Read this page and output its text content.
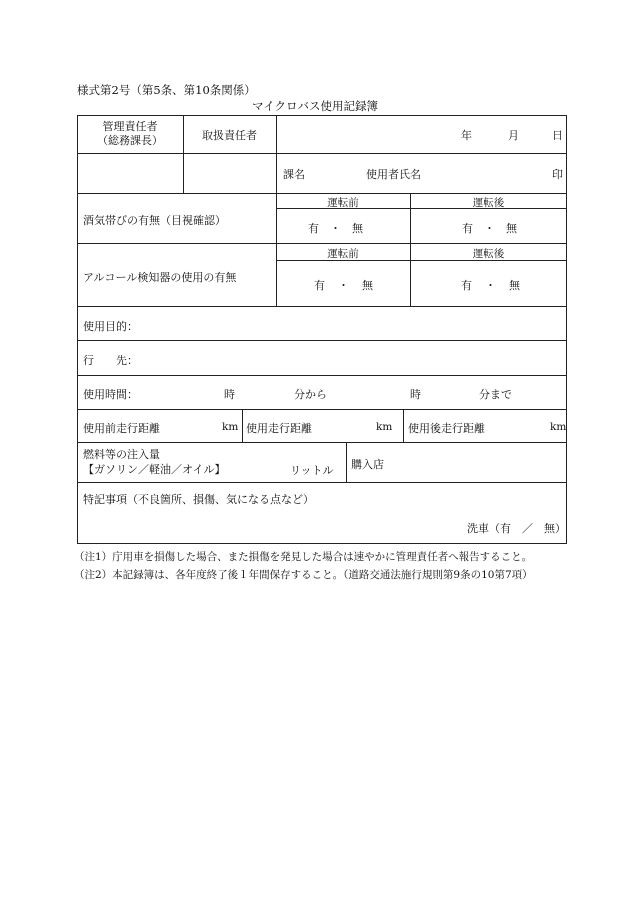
様式第2号（第5条、第10条関係）
マイクロバス使用記録簿
管理責任者
（総務課長）	取扱責任者	年	月	日
課名	使用者氏名	印
酒気帯びの有無（目視確認）
運転前	運転後
有 ・ 無	有 ・ 無
アルコール検知器の使用の有無
運転前	運転後
有 ・ 無	有 ・ 無
使用目的：
行　　先：
使用時間：	時	分から	時	分まで
使用前走行距離	km 使用走行距離	km 使用後走行距離	km
燃料等の注入量
【ガソリン／軽油／オイル】	リットル 購入店
特記事項（不良箇所、損傷、気になる点など）
洗車（有　／　無）
（注1）庁用車を損傷した場合、また損傷を発見した場合は速やかに管理責任者へ報告すること。
（注2）本記録簿は、各年度終了後１年間保存すること。（道路交通法施行規則第9条の10第7項）
